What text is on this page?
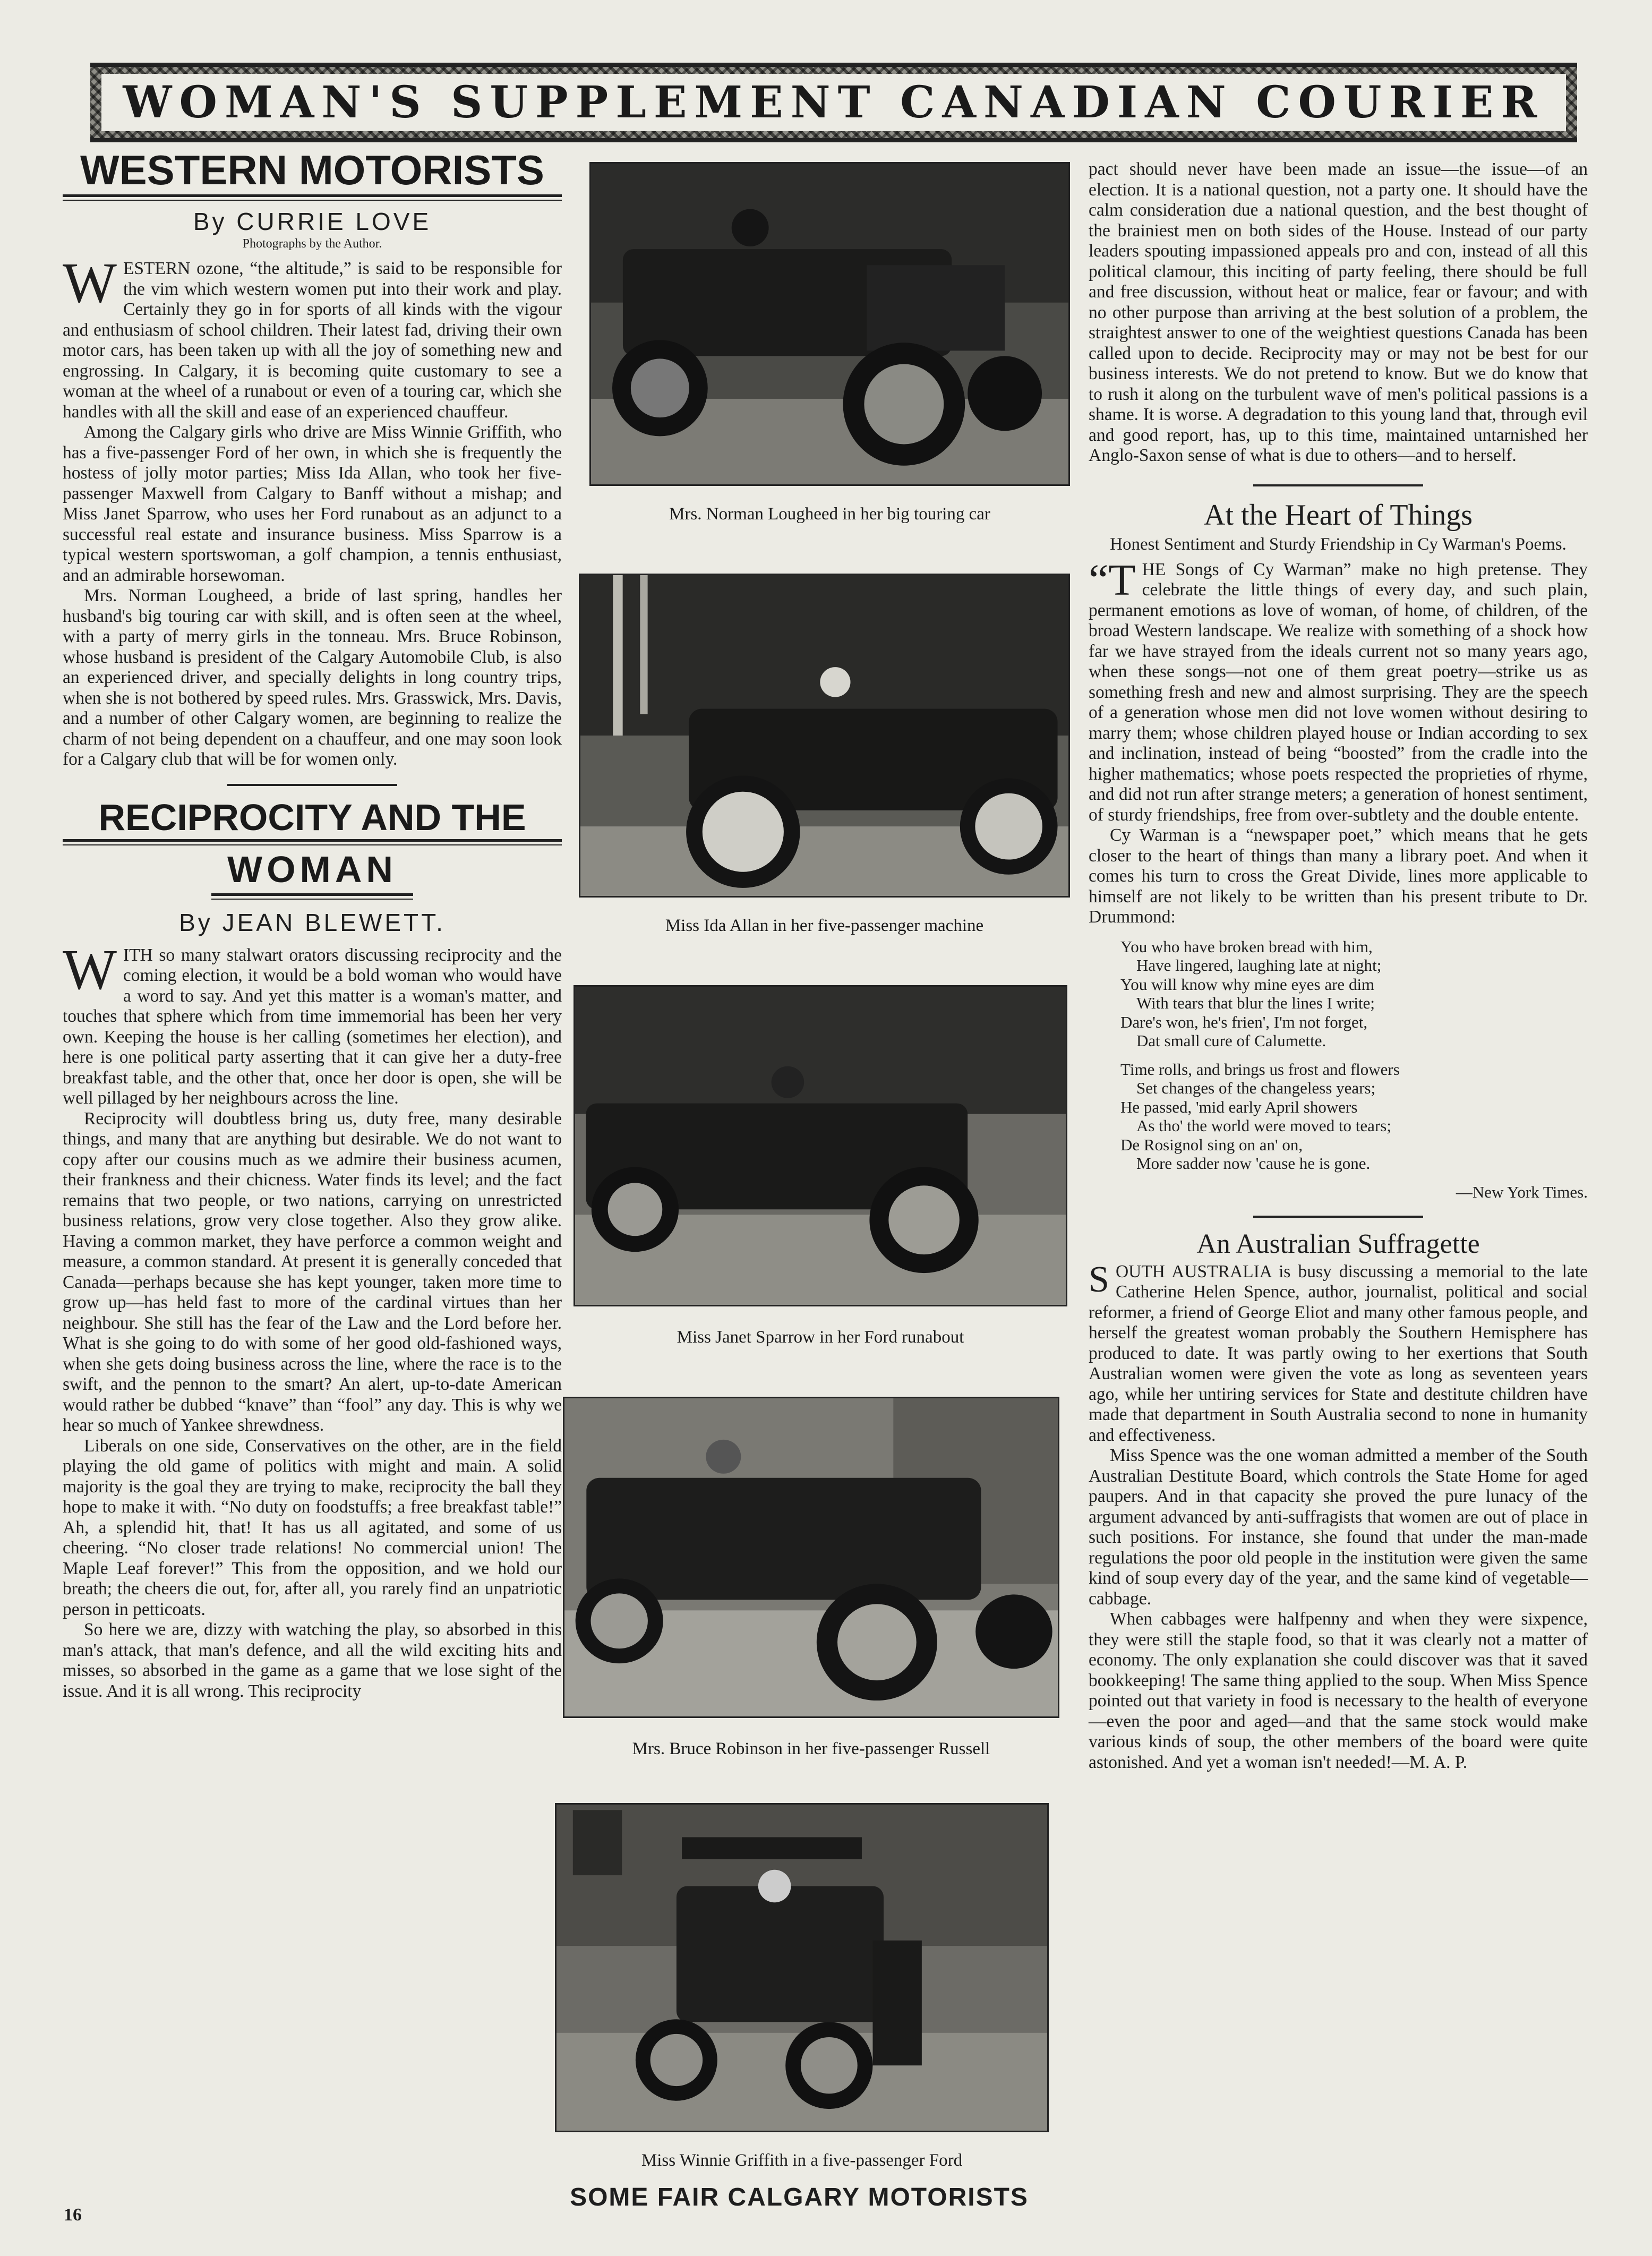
WOMAN'S SUPPLEMENT CANADIAN COURIER
WESTERN MOTORISTS
By CURRIE LOVE
Photographs by the Author.

WESTERN ozone, “the altitude,” is said to be responsible for the vim which western women put into their work and play. Certainly they go in for sports of all kinds with the vigour and enthusiasm of school children. Their latest fad, driving their own motor cars, has been taken up with all the joy of something new and engrossing. In Calgary, it is becoming quite customary to see a woman at the wheel of a runabout or even of a touring car, which she handles with all the skill and ease of an experienced chauffeur.

Among the Calgary girls who drive are Miss Winnie Griffith, who has a five-passenger Ford of her own, in which she is frequently the hostess of jolly motor parties; Miss Ida Allan, who took her five-passenger Maxwell from Calgary to Banff without a mishap; and Miss Janet Sparrow, who uses her Ford runabout as an adjunct to a successful real estate and insurance business. Miss Sparrow is a typical western sportswoman, a golf champion, a tennis enthusiast, and an admirable horsewoman.

Mrs. Norman Lougheed, a bride of last spring, handles her husband's big touring car with skill, and is often seen at the wheel, with a party of merry girls in the tonneau. Mrs. Bruce Robinson, whose husband is president of the Calgary Automobile Club, is also an experienced driver, and specially delights in long country trips, when she is not bothered by speed rules. Mrs. Grasswick, Mrs. Davis, and a number of other Calgary women, are beginning to realize the charm of not being dependent on a chauffeur, and one may soon look for a Calgary club that will be for women only.

RECIPROCITY AND THE
WOMAN
By JEAN BLEWETT.

WITH so many stalwart orators discussing reciprocity and the coming election, it would be a bold woman who would have a word to say. And yet this matter is a woman's matter, and touches that sphere which from time immemorial has been her very own. Keeping the house is her calling (sometimes her election), and here is one political party asserting that it can give her a duty-free breakfast table, and the other that, once her door is open, she will be well pillaged by her neighbours across the line.

Reciprocity will doubtless bring us, duty free, many desirable things, and many that are anything but desirable. We do not want to copy after our cousins much as we admire their business acumen, their frankness and their chicness. Water finds its level; and the fact remains that two people, or two nations, carrying on unrestricted business relations, grow very close together. Also they grow alike. Having a common market, they have perforce a common weight and measure, a common standard. At present it is generally conceded that Canada—perhaps because she has kept younger, taken more time to grow up—has held fast to more of the cardinal virtues than her neighbour. She still has the fear of the Law and the Lord before her. What is she going to do with some of her good old-fashioned ways, when she gets doing business across the line, where the race is to the swift, and the pennon to the smart? An alert, up-to-date American would rather be dubbed “knave” than “fool” any day. This is why we hear so much of Yankee shrewdness.

Liberals on one side, Conservatives on the other, are in the field playing the old game of politics with might and main. A solid majority is the goal they are trying to make, reciprocity the ball they hope to make it with. “No duty on foodstuffs; a free breakfast table!” Ah, a splendid hit, that! It has us all agitated, and some of us cheering. “No closer trade relations! No commercial union! The Maple Leaf forever!” This from the opposition, and we hold our breath; the cheers die out, for, after all, you rarely find an unpatriotic person in petticoats.

So here we are, dizzy with watching the play, so absorbed in this man's attack, that man's defence, and all the wild exciting hits and misses, so absorbed in the game as a game that we lose sight of the issue. And it is all wrong. This reciprocity

Mrs. Norman Lougheed in her big touring car
Miss Ida Allan in her five-passenger machine
Miss Janet Sparrow in her Ford runabout
Mrs. Bruce Robinson in her five-passenger Russell
Miss Winnie Griffith in a five-passenger Ford
SOME FAIR CALGARY MOTORISTS

pact should never have been made an issue—the issue—of an election. It is a national question, not a party one. It should have the calm consideration due a national question, and the best thought of the brainiest men on both sides of the House. Instead of our party leaders spouting impassioned appeals pro and con, instead of all this political clamour, this inciting of party feeling, there should be full and free discussion, without heat or malice, fear or favour; and with no other purpose than arriving at the best solution of a problem, the straightest answer to one of the weightiest questions Canada has been called upon to decide. Reciprocity may or may not be best for our business interests. We do not pretend to know. But we do know that to rush it along on the turbulent wave of men's political passions is a shame. It is worse. A degradation to this young land that, through evil and good report, has, up to this time, maintained untarnished her Anglo-Saxon sense of what is due to others—and to herself.

At the Heart of Things
Honest Sentiment and Sturdy Friendship in Cy Warman's Poems.

“THE Songs of Cy Warman” make no high pretense. They celebrate the little things of every day, and such plain, permanent emotions as love of woman, of home, of children, of the broad Western landscape. We realize with something of a shock how far we have strayed from the ideals current not so many years ago, when these songs—not one of them great poetry—strike us as something fresh and new and almost surprising. They are the speech of a generation whose men did not love women without desiring to marry them; whose children played house or Indian according to sex and inclination, instead of being “boosted” from the cradle into the higher mathematics; whose poets respected the proprieties of rhyme, and did not run after strange meters; a generation of honest sentiment, of sturdy friendships, free from over-subtlety and the double entente.

Cy Warman is a “newspaper poet,” which means that he gets closer to the heart of things than many a library poet. And when it comes his turn to cross the Great Divide, lines more applicable to himself are not likely to be written than his present tribute to Dr. Drummond:

You who have broken bread with him,
Have lingered, laughing late at night;
You will know why mine eyes are dim
With tears that blur the lines I write;
Dare's won, he's frien', I'm not forget,
Dat small cure of Calumette.
Time rolls, and brings us frost and flowers
Set changes of the changeless years;
He passed, 'mid early April showers
As tho' the world were moved to tears;
De Rosignol sing on an' on,
More sadder now 'cause he is gone.
—New York Times.
An Australian Suffragette

SOUTH AUSTRALIA is busy discussing a memorial to the late Catherine Helen Spence, author, journalist, political and social reformer, a friend of George Eliot and many other famous people, and herself the greatest woman probably the Southern Hemisphere has produced to date. It was partly owing to her exertions that South Australian women were given the vote as long as seventeen years ago, while her untiring services for State and destitute children have made that department in South Australia second to none in humanity and effectiveness.

Miss Spence was the one woman admitted a member of the South Australian Destitute Board, which controls the State Home for aged paupers. And in that capacity she proved the pure lunacy of the argument advanced by anti-suffragists that women are out of place in such positions. For instance, she found that under the man-made regulations the poor old people in the institution were given the same kind of soup every day of the year, and the same kind of vegetable—cabbage.

When cabbages were halfpenny and when they were sixpence, they were still the staple food, so that it was clearly not a matter of economy. The only explanation she could discover was that it saved bookkeeping! The same thing applied to the soup. When Miss Spence pointed out that variety in food is necessary to the health of everyone—even the poor and aged—and that the same stock would make various kinds of soup, the other members of the board were quite astonished. And yet a woman isn't needed!—M. A. P.

16
